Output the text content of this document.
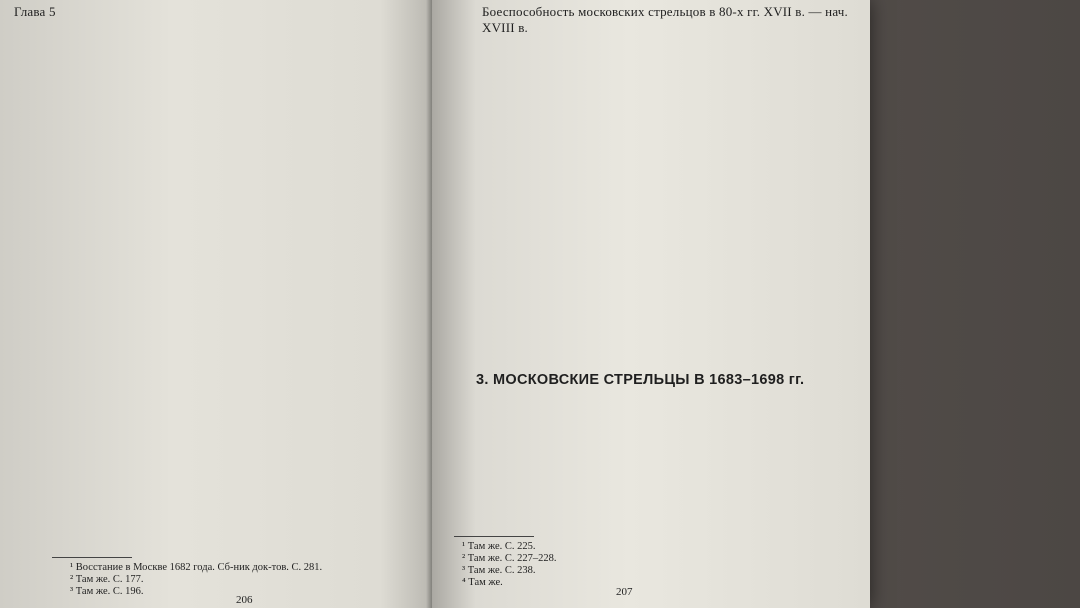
Глава 5
¹ Восстание в Москве 1682 года. Сб-ник док-тов. С. 281.
² Там же. С. 177.
³ Там же. С. 196.
206
Боеспособность московских стрельцов в 80-х гг. XVII в. — нач. XVIII в.
3. МОСКОВСКИЕ СТРЕЛЬЦЫ В 1683–1698 гг.
¹ Там же. С. 225.
² Там же. С. 227–228.
³ Там же. С. 238.
⁴ Там же.
207
